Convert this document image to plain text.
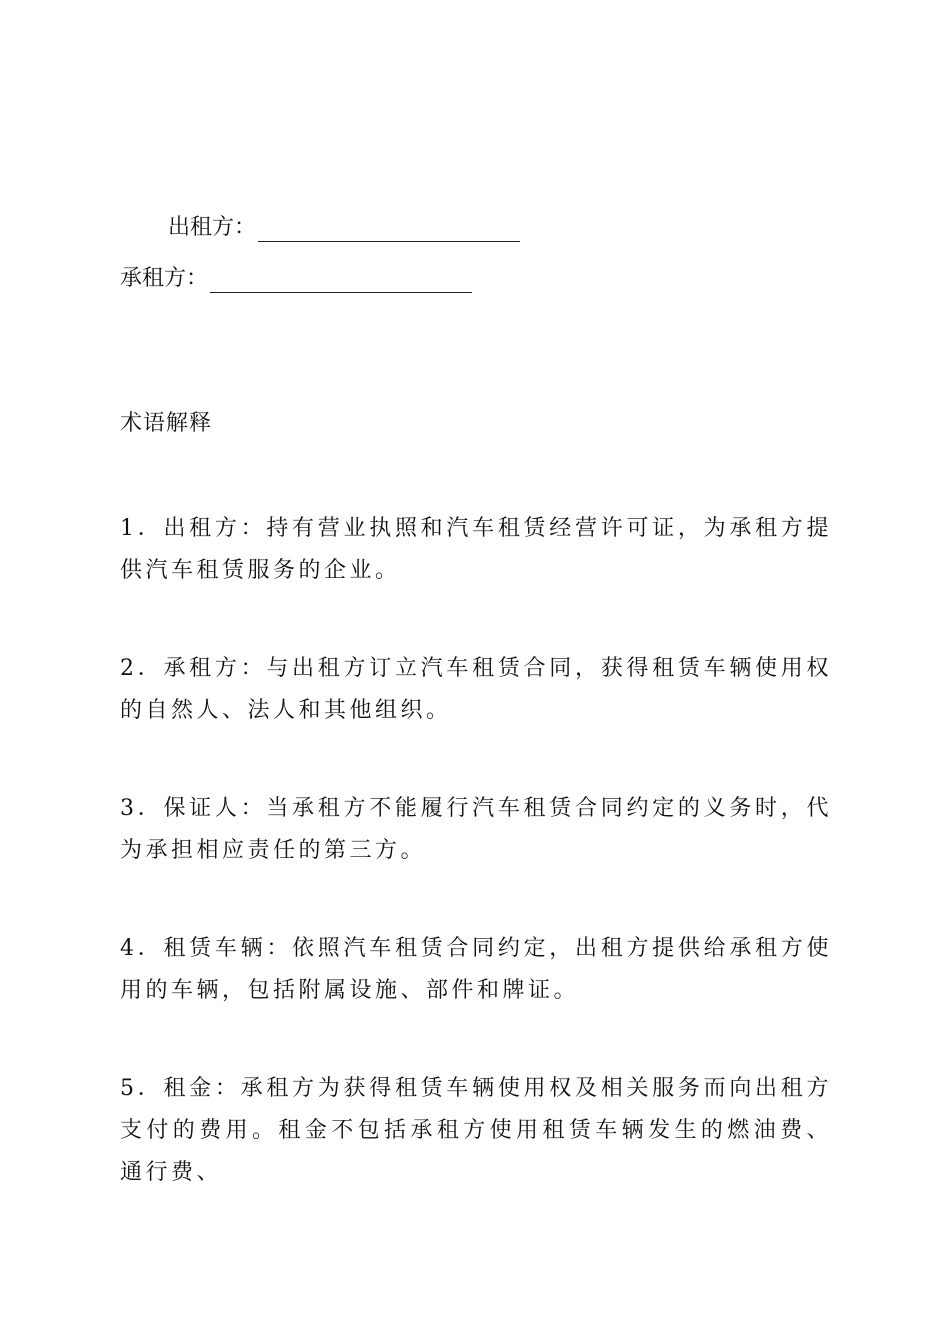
出租方：
承租方：
术语解释

1．出租方：持有营业执照和汽车租赁经营许可证，为承租方提供汽车租赁服务的企业。

2．承租方：与出租方订立汽车租赁合同，获得租赁车辆使用权的自然人、法人和其他组织。

3．保证人：当承租方不能履行汽车租赁合同约定的义务时，代为承担相应责任的第三方。

4．租赁车辆：依照汽车租赁合同约定，出租方提供给承租方使用的车辆，包括附属设施、部件和牌证。

5．租金：承租方为获得租赁车辆使用权及相关服务而向出租方支付的费用。租金不包括承租方使用租赁车辆发生的燃油费、通行费、
